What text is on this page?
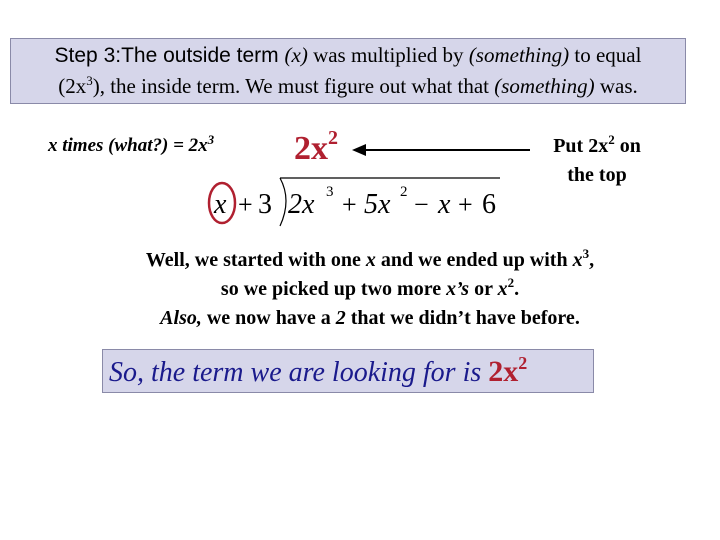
Step 3:The outside term (x) was multiplied by (something) to equal
$(2x^3)$, the inside term. We must figure out what that (something) was.
x times (what?) = $2x^3$ $2x^2$	Put $2x^2$ on
the top
x + 3 2x 3 + 5x 2 − x + 6
Well, we started with one x and we ended up with $x^3$,
so we picked up two more x’s or $x^2$.
Also, we now have a 2 that we didn’t have before.
So, the term we are looking for is $2x^2$
